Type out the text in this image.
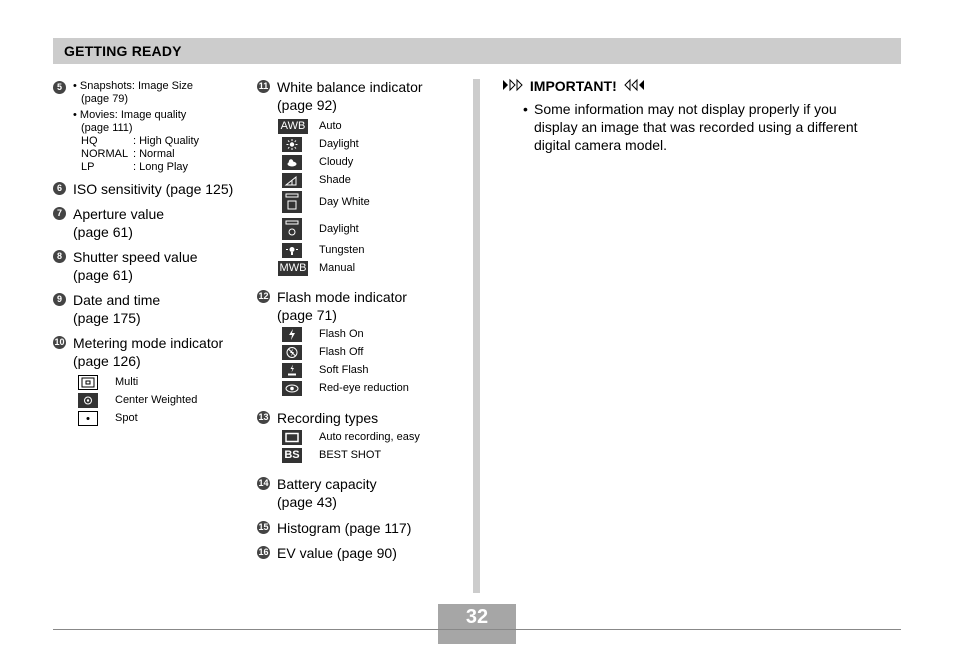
GETTING READY
5	• Snapshots: Image Size
(page 79)
• Movies: Image quality
(page 111)
HQ	: High Quality
NORMAL : Normal
LP	: Long Play
6 ISO sensitivity (page 125)
7 Aperture value
(page 61)
8 Shutter speed value
(page 61)
9 Date and time
(page 175)
10 Metering mode indicator
(page 126)
Multi
Center Weighted
Spot
11 White balance indicator
(page 92)
AWB Auto
Daylight
Cloudy
Shade
Day White
Daylight
Tungsten
MWB Manual
12 Flash mode indicator
(page 71)
Flash On
Flash Off
Soft Flash
Red-eye reduction
13 Recording types
Auto recording, easy
BS BEST SHOT
14 Battery capacity
(page 43)
15 Histogram (page 117)
16 EV value (page 90)
IMPORTANT!
• Some information may not display properly if you
display an image that was recorded using a different
digital camera model.
32
